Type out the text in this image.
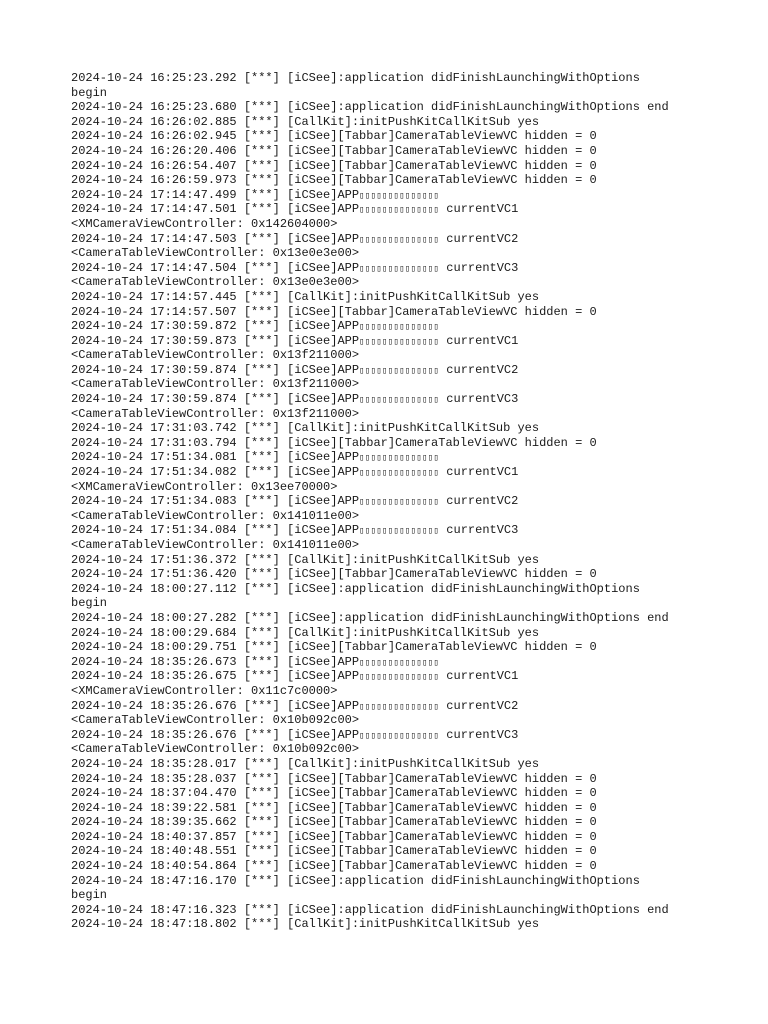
2024-10-24 16:25:23.292 [***] [iCSee]:application didFinishLaunchingWithOptions
begin
2024-10-24 16:25:23.680 [***] [iCSee]:application didFinishLaunchingWithOptions end
2024-10-24 16:26:02.885 [***] [CallKit]:initPushKitCallKitSub yes
2024-10-24 16:26:02.945 [***] [iCSee][Tabbar]CameraTableViewVC hidden = 0
2024-10-24 16:26:20.406 [***] [iCSee][Tabbar]CameraTableViewVC hidden = 0
2024-10-24 16:26:54.407 [***] [iCSee][Tabbar]CameraTableViewVC hidden = 0
2024-10-24 16:26:59.973 [***] [iCSee][Tabbar]CameraTableViewVC hidden = 0
2024-10-24 17:14:47.499 [***] [iCSee]APP▯▯▯▯▯▯▯▯▯▯▯▯▯▯
2024-10-24 17:14:47.501 [***] [iCSee]APP▯▯▯▯▯▯▯▯▯▯▯▯▯▯ currentVC1
<XMCameraViewController: 0x142604000>
2024-10-24 17:14:47.503 [***] [iCSee]APP▯▯▯▯▯▯▯▯▯▯▯▯▯▯ currentVC2
<CameraTableViewController: 0x13e0e3e00>
2024-10-24 17:14:47.504 [***] [iCSee]APP▯▯▯▯▯▯▯▯▯▯▯▯▯▯ currentVC3
<CameraTableViewController: 0x13e0e3e00>
2024-10-24 17:14:57.445 [***] [CallKit]:initPushKitCallKitSub yes
2024-10-24 17:14:57.507 [***] [iCSee][Tabbar]CameraTableViewVC hidden = 0
2024-10-24 17:30:59.872 [***] [iCSee]APP▯▯▯▯▯▯▯▯▯▯▯▯▯▯
2024-10-24 17:30:59.873 [***] [iCSee]APP▯▯▯▯▯▯▯▯▯▯▯▯▯▯ currentVC1
<CameraTableViewController: 0x13f211000>
2024-10-24 17:30:59.874 [***] [iCSee]APP▯▯▯▯▯▯▯▯▯▯▯▯▯▯ currentVC2
<CameraTableViewController: 0x13f211000>
2024-10-24 17:30:59.874 [***] [iCSee]APP▯▯▯▯▯▯▯▯▯▯▯▯▯▯ currentVC3
<CameraTableViewController: 0x13f211000>
2024-10-24 17:31:03.742 [***] [CallKit]:initPushKitCallKitSub yes
2024-10-24 17:31:03.794 [***] [iCSee][Tabbar]CameraTableViewVC hidden = 0
2024-10-24 17:51:34.081 [***] [iCSee]APP▯▯▯▯▯▯▯▯▯▯▯▯▯▯
2024-10-24 17:51:34.082 [***] [iCSee]APP▯▯▯▯▯▯▯▯▯▯▯▯▯▯ currentVC1
<XMCameraViewController: 0x13ee70000>
2024-10-24 17:51:34.083 [***] [iCSee]APP▯▯▯▯▯▯▯▯▯▯▯▯▯▯ currentVC2
<CameraTableViewController: 0x141011e00>
2024-10-24 17:51:34.084 [***] [iCSee]APP▯▯▯▯▯▯▯▯▯▯▯▯▯▯ currentVC3
<CameraTableViewController: 0x141011e00>
2024-10-24 17:51:36.372 [***] [CallKit]:initPushKitCallKitSub yes
2024-10-24 17:51:36.420 [***] [iCSee][Tabbar]CameraTableViewVC hidden = 0
2024-10-24 18:00:27.112 [***] [iCSee]:application didFinishLaunchingWithOptions
begin
2024-10-24 18:00:27.282 [***] [iCSee]:application didFinishLaunchingWithOptions end
2024-10-24 18:00:29.684 [***] [CallKit]:initPushKitCallKitSub yes
2024-10-24 18:00:29.751 [***] [iCSee][Tabbar]CameraTableViewVC hidden = 0
2024-10-24 18:35:26.673 [***] [iCSee]APP▯▯▯▯▯▯▯▯▯▯▯▯▯▯
2024-10-24 18:35:26.675 [***] [iCSee]APP▯▯▯▯▯▯▯▯▯▯▯▯▯▯ currentVC1
<XMCameraViewController: 0x11c7c0000>
2024-10-24 18:35:26.676 [***] [iCSee]APP▯▯▯▯▯▯▯▯▯▯▯▯▯▯ currentVC2
<CameraTableViewController: 0x10b092c00>
2024-10-24 18:35:26.676 [***] [iCSee]APP▯▯▯▯▯▯▯▯▯▯▯▯▯▯ currentVC3
<CameraTableViewController: 0x10b092c00>
2024-10-24 18:35:28.017 [***] [CallKit]:initPushKitCallKitSub yes
2024-10-24 18:35:28.037 [***] [iCSee][Tabbar]CameraTableViewVC hidden = 0
2024-10-24 18:37:04.470 [***] [iCSee][Tabbar]CameraTableViewVC hidden = 0
2024-10-24 18:39:22.581 [***] [iCSee][Tabbar]CameraTableViewVC hidden = 0
2024-10-24 18:39:35.662 [***] [iCSee][Tabbar]CameraTableViewVC hidden = 0
2024-10-24 18:40:37.857 [***] [iCSee][Tabbar]CameraTableViewVC hidden = 0
2024-10-24 18:40:48.551 [***] [iCSee][Tabbar]CameraTableViewVC hidden = 0
2024-10-24 18:40:54.864 [***] [iCSee][Tabbar]CameraTableViewVC hidden = 0
2024-10-24 18:47:16.170 [***] [iCSee]:application didFinishLaunchingWithOptions
begin
2024-10-24 18:47:16.323 [***] [iCSee]:application didFinishLaunchingWithOptions end
2024-10-24 18:47:18.802 [***] [CallKit]:initPushKitCallKitSub yes
